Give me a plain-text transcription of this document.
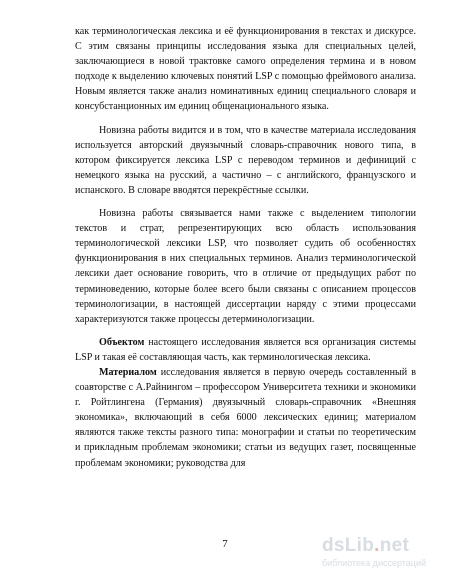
как терминологическая лексика и её функционирования в текстах и дискурсе. С этим связаны принципы исследования языка для специальных целей, заключающиеся в новой трактовке самого определения термина и в новом подходе к выделению ключевых понятий LSP с помощью фреймового анализа. Новым является также анализ номинативных единиц специального словаря и консубстанционных им единиц общенационального языка.

Новизна работы видится и в том, что в качестве материала исследования используется авторский двуязычный словарь-справочник нового типа, в котором фиксируется лексика LSP с переводом терминов и дефиниций с немецкого языка на русский, а частично – с английского, французского и испанского. В словаре вводятся перекрёстные ссылки.

Новизна работы связывается нами также с выделением типологии текстов и страт, репрезентирующих всю область использования терминологической лексики LSP, что позволяет судить об особенностях функционирования в них специальных терминов. Анализ терминологической лексики дает основание говорить, что в отличие от предыдущих работ по терминоведению, которые более всего были связаны с описанием процессов терминологизации, в настоящей диссертации наряду с этими процессами характеризуются также процессы детерминологизации.

Объектом настоящего исследования является вся организация системы LSP и такая её составляющая часть, как терминологическая лексика.

Материалом исследования является в первую очередь составленный в соавторстве с А.Райнингом – профессором Университета техники и экономики г. Ройтлингена (Германия) двуязычный словарь-справочник «Внешняя экономика», включающий в себя 6000 лексических единиц; материалом являются также тексты разного типа: монографии и статьи по теоретическим и прикладным проблемам экономики; статьи из ведущих газет, посвященные проблемам экономики; руководства для

7	dsLib.net
библиотека диссертаций
